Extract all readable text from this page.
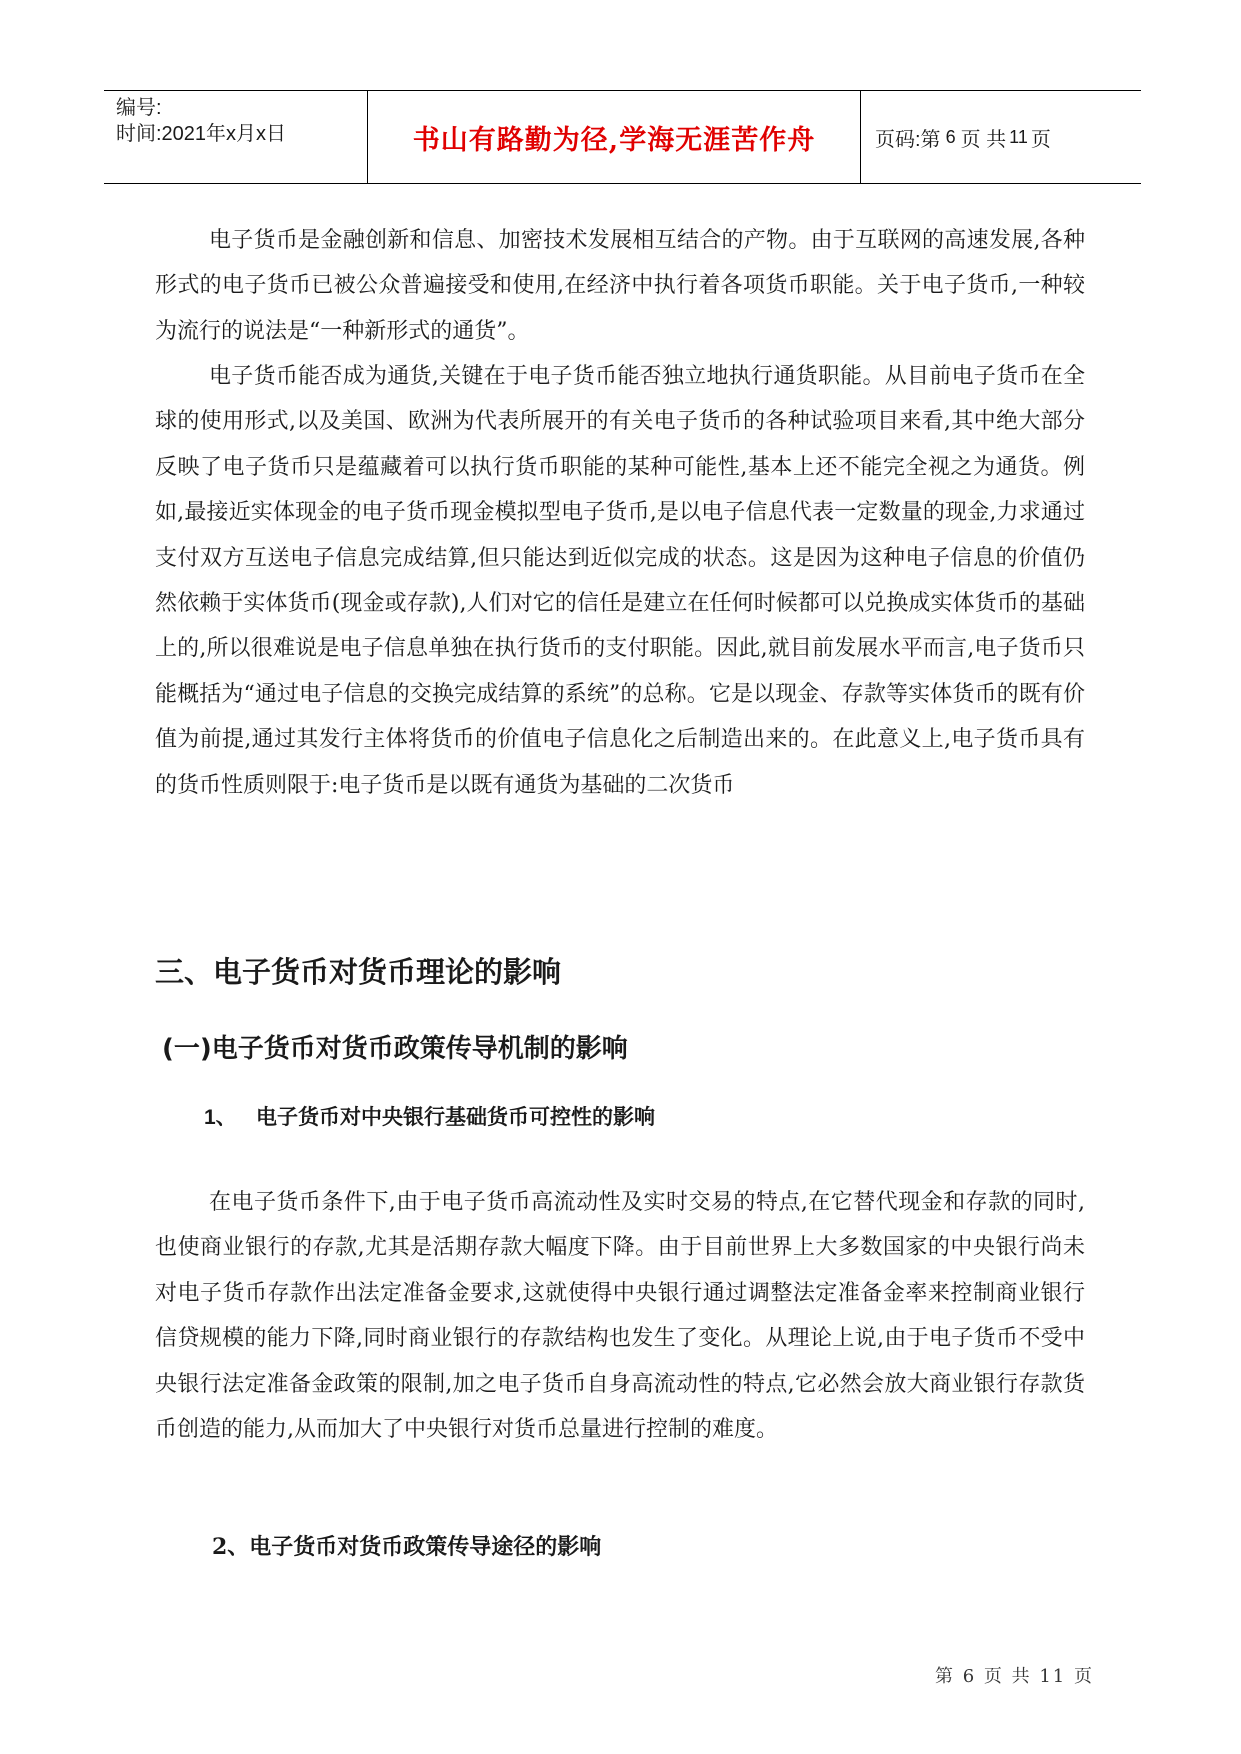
编号:
时间:2021年x月x日	书山有路勤为径,学海无涯苦作舟	页码:第 6 页 共 11 页

电子货币是金融创新和信息、加密技术发展相互结合的产物。由于互联网的高速发展,各种形式的电子货币已被公众普遍接受和使用,在经济中执行着各项货币职能。关于电子货币,一种较为流行的说法是“一种新形式的通货”。

电子货币能否成为通货,关键在于电子货币能否独立地执行通货职能。从目前电子货币在全球的使用形式,以及美国、欧洲为代表所展开的有关电子货币的各种试验项目来看,其中绝大部分反映了电子货币只是蕴藏着可以执行货币职能的某种可能性,基本上还不能完全视之为通货。例如,最接近实体现金的电子货币现金模拟型电子货币,是以电子信息代表一定数量的现金,力求通过支付双方互送电子信息完成结算,但只能达到近似完成的状态。这是因为这种电子信息的价值仍然依赖于实体货币(现金或存款),人们对它的信任是建立在任何时候都可以兑换成实体货币的基础上的,所以很难说是电子信息单独在执行货币的支付职能。因此,就目前发展水平而言,电子货币只能概括为“通过电子信息的交换完成结算的系统”的总称。它是以现金、存款等实体货币的既有价值为前提,通过其发行主体将货币的价值电子信息化之后制造出来的。在此意义上,电子货币具有的货币性质则限于:电子货币是以既有通货为基础的二次货币

三、电子货币对货币理论的影响
(一)电子货币对货币政策传导机制的影响
1、 电子货币对中央银行基础货币可控性的影响

在电子货币条件下,由于电子货币高流动性及实时交易的特点,在它替代现金和存款的同时,也使商业银行的存款,尤其是活期存款大幅度下降。由于目前世界上大多数国家的中央银行尚未对电子货币存款作出法定准备金要求,这就使得中央银行通过调整法定准备金率来控制商业银行信贷规模的能力下降,同时商业银行的存款结构也发生了变化。从理论上说,由于电子货币不受中央银行法定准备金政策的限制,加之电子货币自身高流动性的特点,它必然会放大商业银行存款货币创造的能力,从而加大了中央银行对货币总量进行控制的难度。

2、电子货币对货币政策传导途径的影响
第 6 页 共 11 页
